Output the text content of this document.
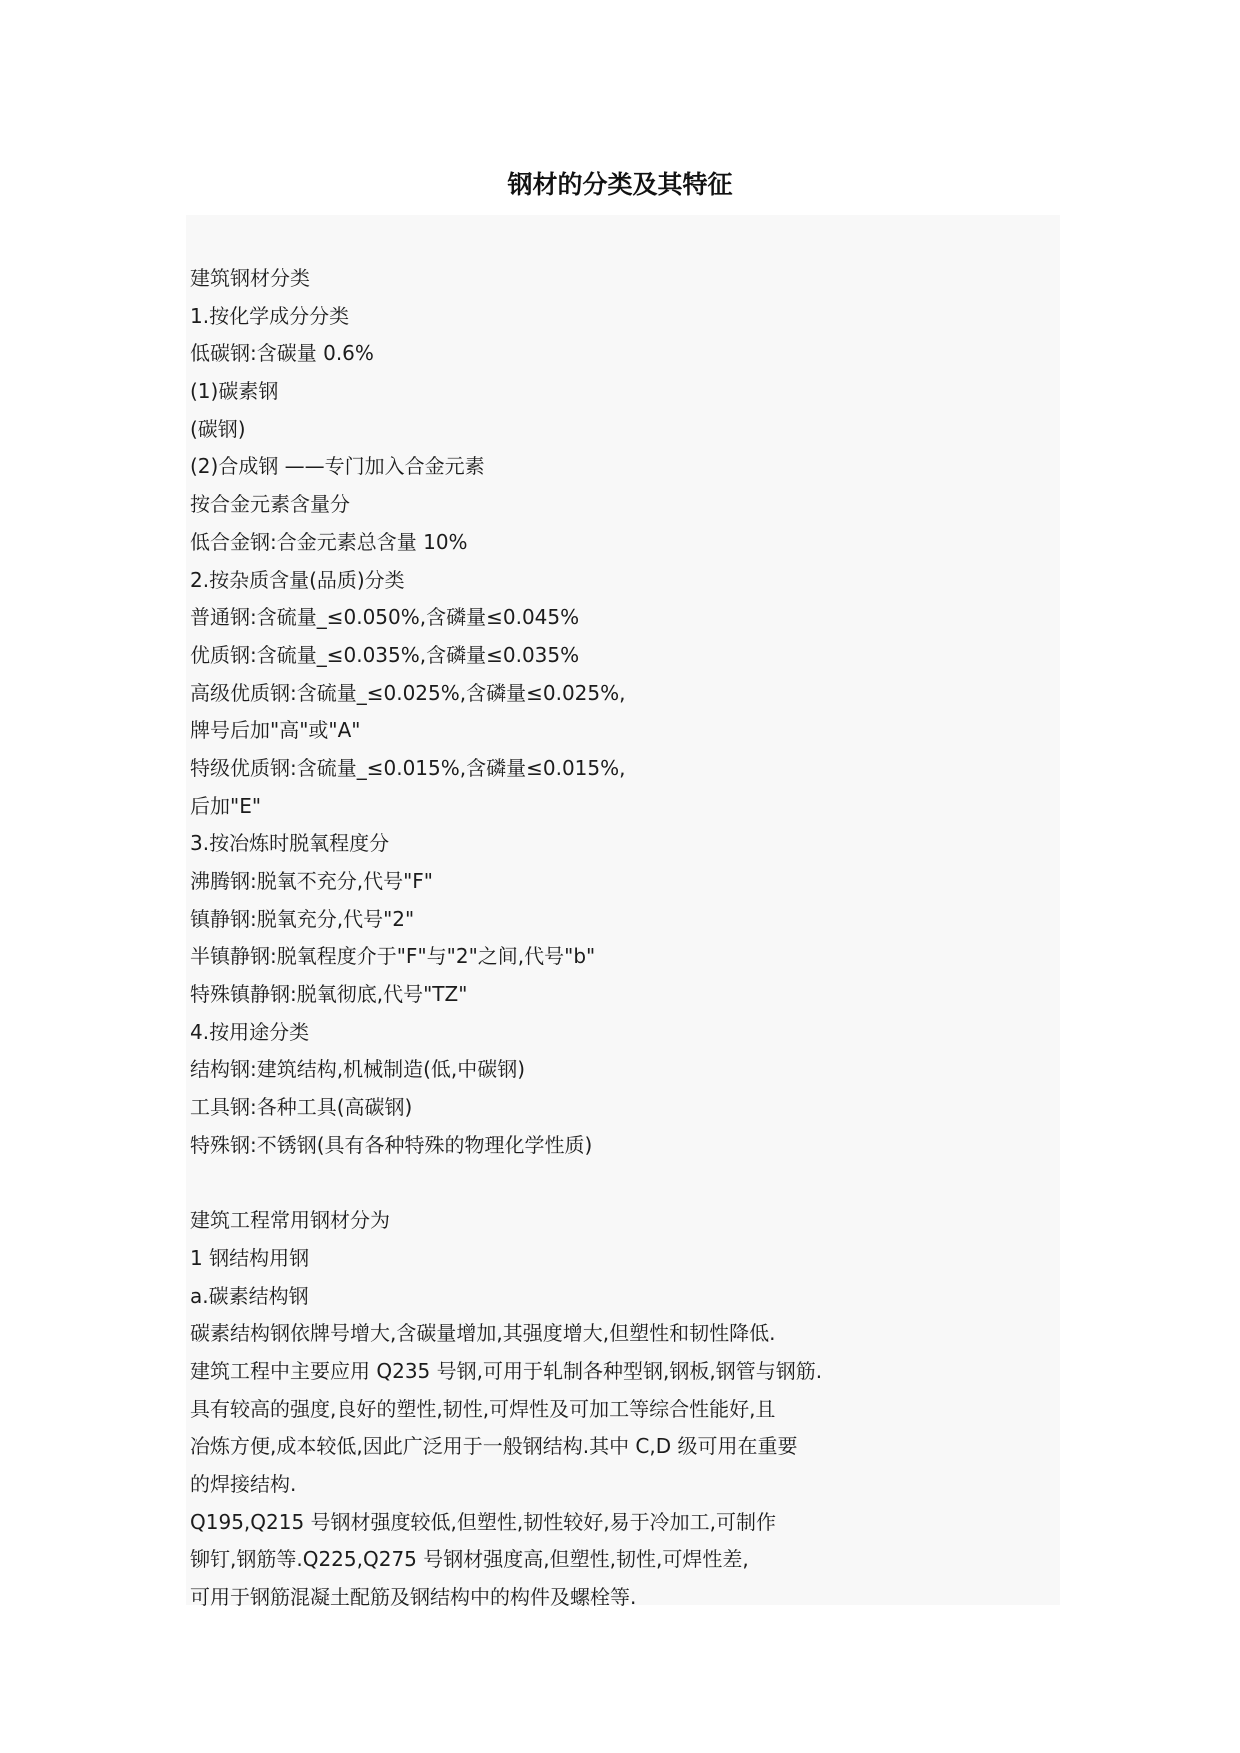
钢材的分类及其特征
建筑钢材分类
1.按化学成分分类
低碳钢:含碳量 0.6%
(1)碳素钢
(碳钢)
(2)合成钢 ——专门加入合金元素
按合金元素含量分
低合金钢:合金元素总含量 10%
2.按杂质含量(品质)分类
普通钢:含硫量_≤0.050%,含磷量≤0.045%
优质钢:含硫量_≤0.035%,含磷量≤0.035%
高级优质钢:含硫量_≤0.025%,含磷量≤0.025%,
牌号后加"高"或"A"
特级优质钢:含硫量_≤0.015%,含磷量≤0.015%,
后加"E"
3.按冶炼时脱氧程度分
沸腾钢:脱氧不充分,代号"F"
镇静钢:脱氧充分,代号"2"
半镇静钢:脱氧程度介于"F"与"2"之间,代号"b"
特殊镇静钢:脱氧彻底,代号"TZ"
4.按用途分类
结构钢:建筑结构,机械制造(低,中碳钢)
工具钢:各种工具(高碳钢)
特殊钢:不锈钢(具有各种特殊的物理化学性质)
建筑工程常用钢材分为
1 钢结构用钢
a.碳素结构钢
碳素结构钢依牌号增大,含碳量增加,其强度增大,但塑性和韧性降低.
建筑工程中主要应用 Q235 号钢,可用于轧制各种型钢,钢板,钢管与钢筋.
具有较高的强度,良好的塑性,韧性,可焊性及可加工等综合性能好,且
冶炼方便,成本较低,因此广泛用于一般钢结构.其中 C,D 级可用在重要
的焊接结构.
Q195,Q215 号钢材强度较低,但塑性,韧性较好,易于冷加工,可制作
铆钉,钢筋等.Q225,Q275 号钢材强度高,但塑性,韧性,可焊性差,
可用于钢筋混凝土配筋及钢结构中的构件及螺栓等.
